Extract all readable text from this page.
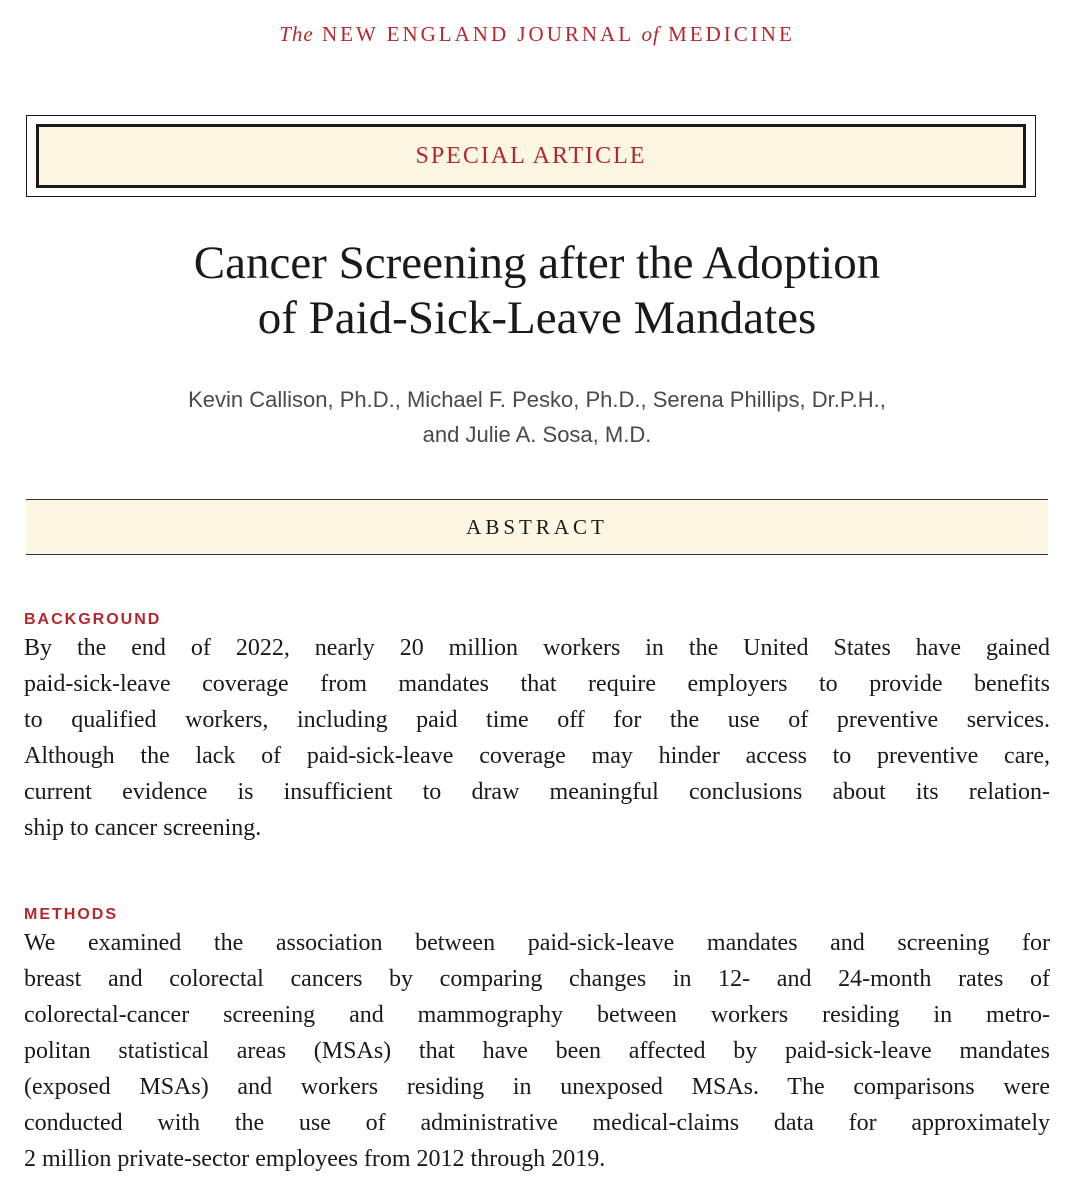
The NEW ENGLAND JOURNAL of MEDICINE
SPECIAL ARTICLE
Cancer Screening after the Adoption
of Paid-Sick-Leave Mandates
Kevin Callison, Ph.D., Michael F. Pesko, Ph.D., Serena Phillips, Dr.P.H.,
and Julie A. Sosa, M.D.
ABSTRACT
BACKGROUND
By the end of 2022, nearly 20 million workers in the United States have gained
paid-sick-leave coverage from mandates that require employers to provide benefits
to qualified workers, including paid time off for the use of preventive services.
Although the lack of paid-sick-leave coverage may hinder access to preventive care,
current evidence is insufficient to draw meaningful conclusions about its relation-
ship to cancer screening.
METHODS
We examined the association between paid-sick-leave mandates and screening for
breast and colorectal cancers by comparing changes in 12- and 24-month rates of
colorectal-cancer screening and mammography between workers residing in metro-
politan statistical areas (MSAs) that have been affected by paid-sick-leave mandates
(exposed MSAs) and workers residing in unexposed MSAs. The comparisons were
conducted with the use of administrative medical-claims data for approximately
2 million private-sector employees from 2012 through 2019.
